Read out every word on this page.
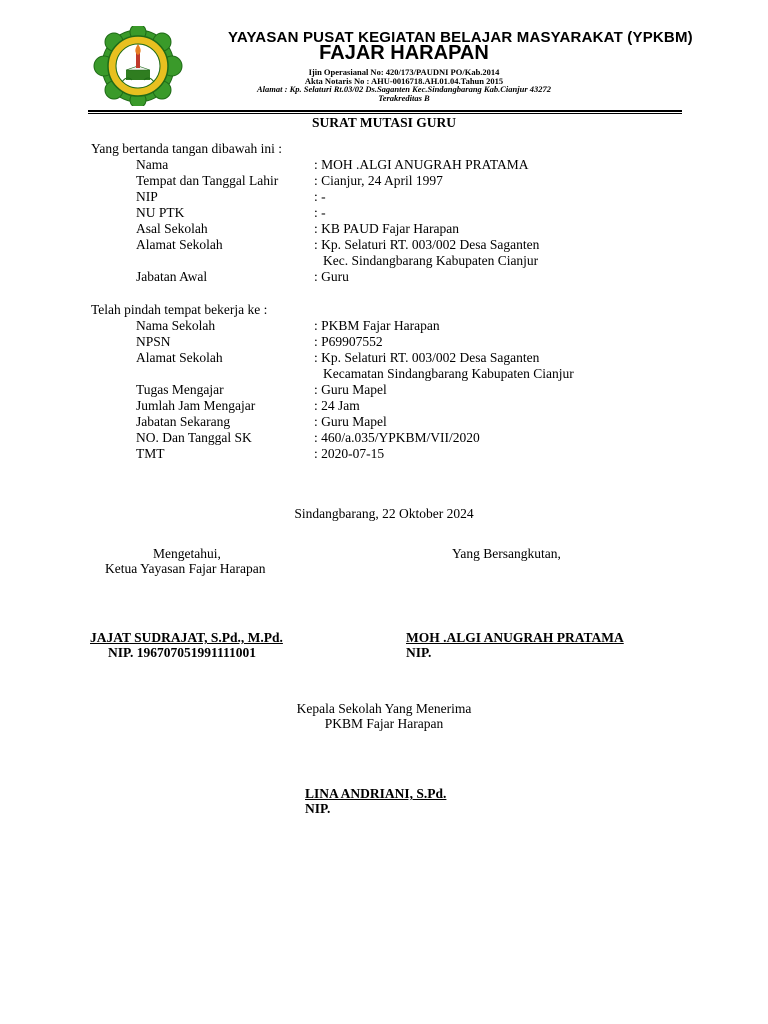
YAYASAN PUSAT KEGIATAN BELAJAR MASYARAKAT (YPKBM)
FAJAR HARAPAN
Ijin Operasianal No: 420/173/PAUDNI PO/Kab.2014
Akta Notaris No : AHU-0016718.AH.01.04.Tahun 2015
Alamat : Kp. Selaturi Rt.03/02 Ds.Saganten Kec.Sindangbarang Kab.Cianjur 43272
Terakreditas B
SURAT MUTASI GURU
Yang bertanda tangan dibawah ini :
Nama	: MOH .ALGI ANUGRAH PRATAMA
Tempat dan Tanggal Lahir	: Cianjur, 24 April 1997
NIP	: -
NU PTK	: -
Asal Sekolah	: KB PAUD Fajar Harapan
Alamat Sekolah	: Kp. Selaturi RT. 003/002 Desa Saganten
Kec. Sindangbarang Kabupaten Cianjur
Jabatan Awal	: Guru
Telah pindah tempat bekerja ke :
Nama Sekolah	: PKBM Fajar Harapan
NPSN	: P69907552
Alamat Sekolah	: Kp. Selaturi RT. 003/002 Desa Saganten
Kecamatan Sindangbarang Kabupaten Cianjur
Tugas Mengajar	: Guru Mapel
Jumlah Jam Mengajar	: 24 Jam
Jabatan Sekarang	: Guru Mapel
NO. Dan Tanggal SK	: 460/a.035/YPKBM/VII/2020
TMT	: 2020-07-15
Sindangbarang, 22 Oktober 2024
Mengetahui,
Ketua Yayasan Fajar Harapan
Yang Bersangkutan,
JAJAT SUDRAJAT, S.Pd., M.Pd.
NIP. 196707051991111001
MOH .ALGI ANUGRAH PRATAMA
NIP.
Kepala Sekolah Yang Menerima
PKBM Fajar Harapan
LINA ANDRIANI, S.Pd.
NIP.
